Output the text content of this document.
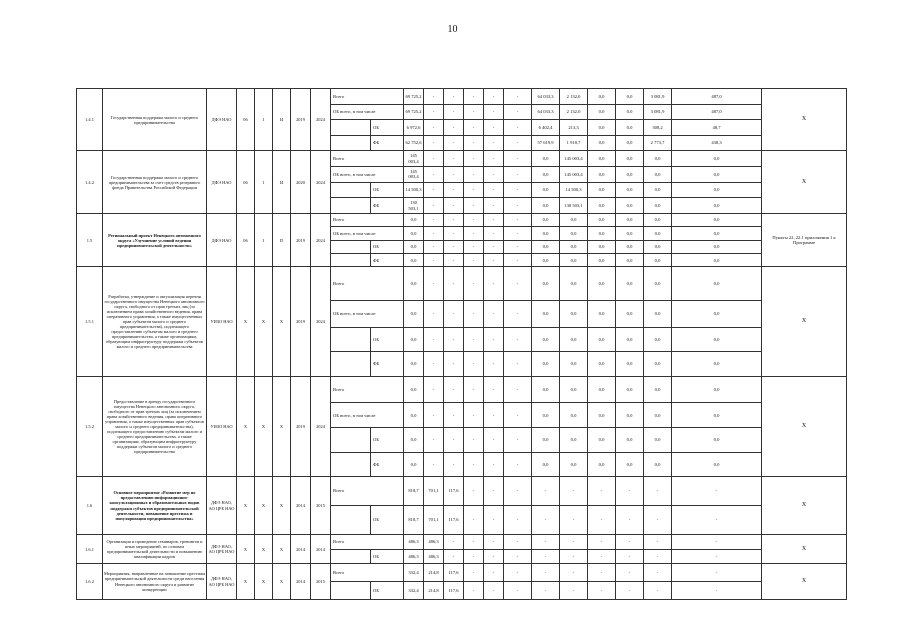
10
1.4.1	Государственная поддержка малого и среднего предпринимательства	ДФЭ НАО	06	1	I4	2019	2024	Всего		69 725,2	-	-	-	-	-	64 033,3	2 132,0	0,0	0,0	3 081,9	487,0	X
								ОБ всего, в том числе		69 725,2	-	-	-	-	-	64 033,3	2 132,0	0,0	0,0	3 081,9	487,0	
									ОБ	6 972,6	-	-	-	-	-	6 402,4	213,3	0,0	0,0	308,2	48,7	
									ФБ	62 752,6	-	-	-	-	-	57 619,9	1 918,7	0,0	0,0	2 773,7	438,3	
1.4.2	Государственная поддержка малого и среднего предпринимательства за счет средств резервного фонда Правительства Российской Федерации	ДФЭ НАО	06	1	I4	2020	2024	Всего		145 003,4	-	-	-	-	-	0,0	145 003,4	0,0	0,0	0,0	0,0	X
								ОБ всего, в том числе		145 003,4	-	-	-	-	-	0,0	145 003,4	0,0	0,0	0,0	0,0	
									ОБ	14 500,3	-	-	-	-	-	0,0	14 500,3	0,0	0,0	0,0	0,0	
									ФБ	130 503,1	-	-	-	-	-	0,0	130 503,1	0,0	0,0	0,0	0,0	
1.5	Региональный проект Ненецкого автономного округа «Улучшение условий ведения предпринимательской деятельности»	ДФЭ НАО	06	1	I5	2019	2024	Всего		0,0	-	-	-	-	-	0,0	0,0	0,0	0,0	0,0	0,0	Пункты 22, 22.1 приложения 1 к Программе
								ОБ всего, в том числе		0,0	-	-	-	-	-	0,0	0,0	0,0	0,0	0,0	0,0	
									ОБ	0,0	-	-	-	-	-	0,0	0,0	0,0	0,0	0,0	0,0	
									ФБ	0,0	-	-	-	-	-	0,0	0,0	0,0	0,0	0,0	0,0	
1.5.1	Разработка, утверждение и актуализация перечня государственного имущества Ненецкого автономного округа, свободного от прав третьих лиц (за исключением права хозяйственного ведения, права оперативного управления, а также имущественных прав субъектов малого и среднего предпринимательства), подлежащего предоставлению субъектам малого и среднего предпринимательства, а также организациям, образующим инфраструктуру поддержки субъектов малого и среднего предпринимательства	УИЗО НАО	X	X	X	2019	2024	Всего		0,0	-	-	-	-	-	0,0	0,0	0,0	0,0	0,0	0,0	X
								ОБ всего, в том числе		0,0	-	-	-	-	-	0,0	0,0	0,0	0,0	0,0	0,0	
									ОБ	0,0	-	-	-	-	-	0,0	0,0	0,0	0,0	0,0	0,0	
									ФБ	0,0	-	-	-	-	-	0,0	0,0	0,0	0,0	0,0	0,0	
1.5.2	Предоставление в аренду государственного имущества Ненецкого автономного округа, свободного от прав третьих лиц (за исключением права хозяйственного ведения, права оперативного управления, а также имущественных прав субъектов малого и среднего предпринимательства), подлежащего предоставлению субъектам малого и среднего предпринимательства, а также организациям, образующим инфраструктуру поддержки субъектов малого и среднего предпринимательства	УИЗО НАО	X	X	X	2019	2024	Всего		0,0	-	-	-	-	-	0,0	0,0	0,0	0,0	0,0	0,0	X
								ОБ всего, в том числе		0,0	-	-	-	-	-	0,0	0,0	0,0	0,0	0,0	0,0	
									ОБ	0,0	-	-	-	-	-	0,0	0,0	0,0	0,0	0,0	0,0	
									ФБ	0,0	-	-	-	-	-	0,0	0,0	0,0	0,0	0,0	0,0	
1.6	Основное мероприятие «Развитие мер по предоставлению информационно-консультационных и образовательных видов поддержки субъектов предпринимательской деятельности, повышение престижа и популяризация предпринимательства»	ДФЭ НАО, АО ЦРБ НАО	X	X	X	2014	2015	Всего		818,7	701,1	117,6	-	-	-	-	-	-	-	-	-	X
									ОБ	818,7	701,1	117,6	-	-	-	-	-	-	-	-	-	
1.6.1	Организация и проведение семинаров, тренингов и иных мероприятий, по основам предпринимательской деятельности и повышению квалификации кадров	ДФЭ НАО, АО ЦРБ НАО	X	X	X	2014	2014	Всего		486,3	486,3	-	-	-	-	-	-	-	-	-	-	X
									ОБ	486,3	486,3	-	-	-	-	-	-	-	-	-	-	
1.6.2	Мероприятия, направленные на повышение престижа предпринимательской деятельности среди населения Ненецкого автономного округа и развитие конкуренции	ДФЭ НАО, АО ЦРБ НАО	X	X	X	2014	2015	Всего		332,4	214,8	117,6	-	-	-	-	-	-	-	-	-	X
									ОБ	332,4	214,8	117,6	-	-	-	-	-	-	-	-	-	
